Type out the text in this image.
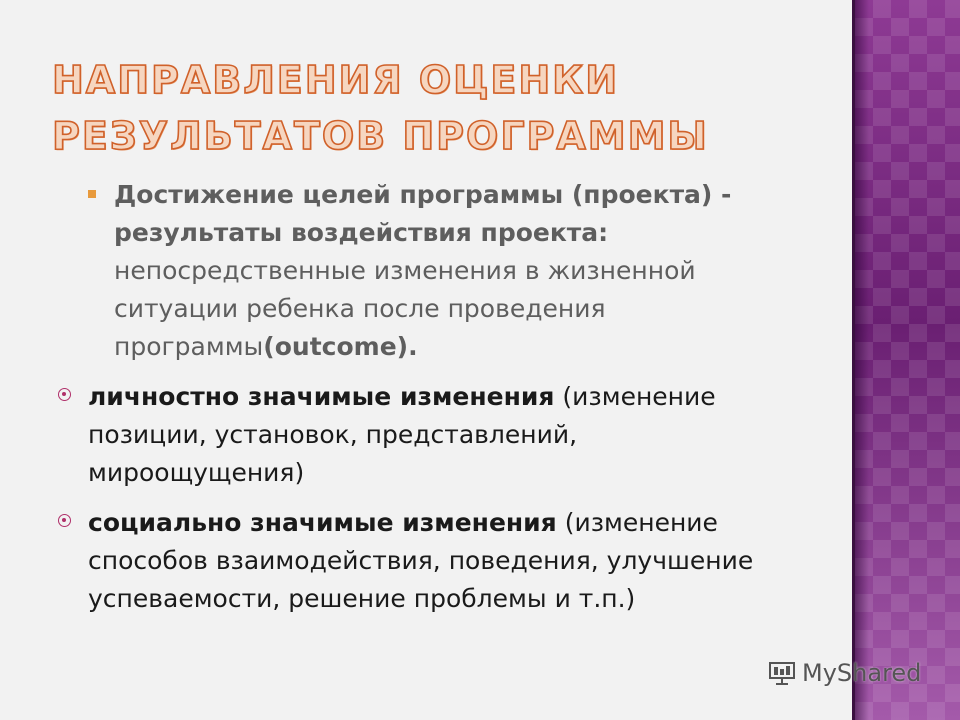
НАПРАВЛЕНИЯ ОЦЕНКИ
РЕЗУЛЬТАТОВ ПРОГРАММЫ
Достижение целей программы (проекта) - результаты воздействия проекта: непосредственные изменения в жизненной ситуации ребенка после проведения программы(outcome).
личностно значимые изменения (изменение позиции, установок, представлений, мироощущения)
социально значимые изменения (изменение способов взаимодействия, поведения, улучшение успеваемости, решение проблемы и т.п.)
MyShared
